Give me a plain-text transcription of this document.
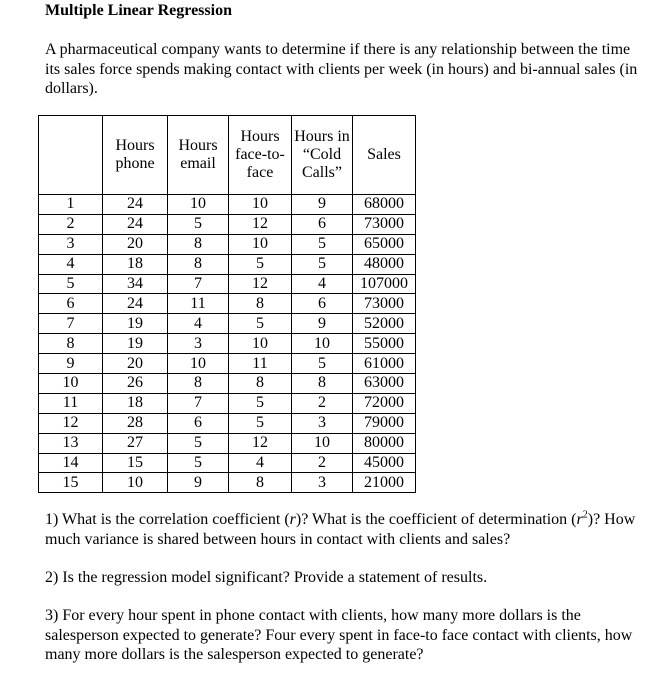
Multiple Linear Regression
A pharmaceutical company wants to determine if there is any relationship between the time its sales force spends making contact with clients per week (in hours) and bi-annual sales (in dollars).
	Hours phone	Hours email	Hours face-to-face	Hours in “Cold Calls”	Sales
1	24	10	10	9	68000
2	24	5	12	6	73000
3	20	8	10	5	65000
4	18	8	5	5	48000
5	34	7	12	4	107000
6	24	11	8	6	73000
7	19	4	5	9	52000
8	19	3	10	10	55000
9	20	10	11	5	61000
10	26	8	8	8	63000
11	18	7	5	2	72000
12	28	6	5	3	79000
13	27	5	12	10	80000
14	15	5	4	2	45000
15	10	9	8	3	21000
1) What is the correlation coefficient (r)? What is the coefficient of determination $(r^2)$? How much variance is shared between hours in contact with clients and sales?
2) Is the regression model significant? Provide a statement of results.
3) For every hour spent in phone contact with clients, how many more dollars is the salesperson expected to generate? Four every spent in face-to face contact with clients, how many more dollars is the salesperson expected to generate?
